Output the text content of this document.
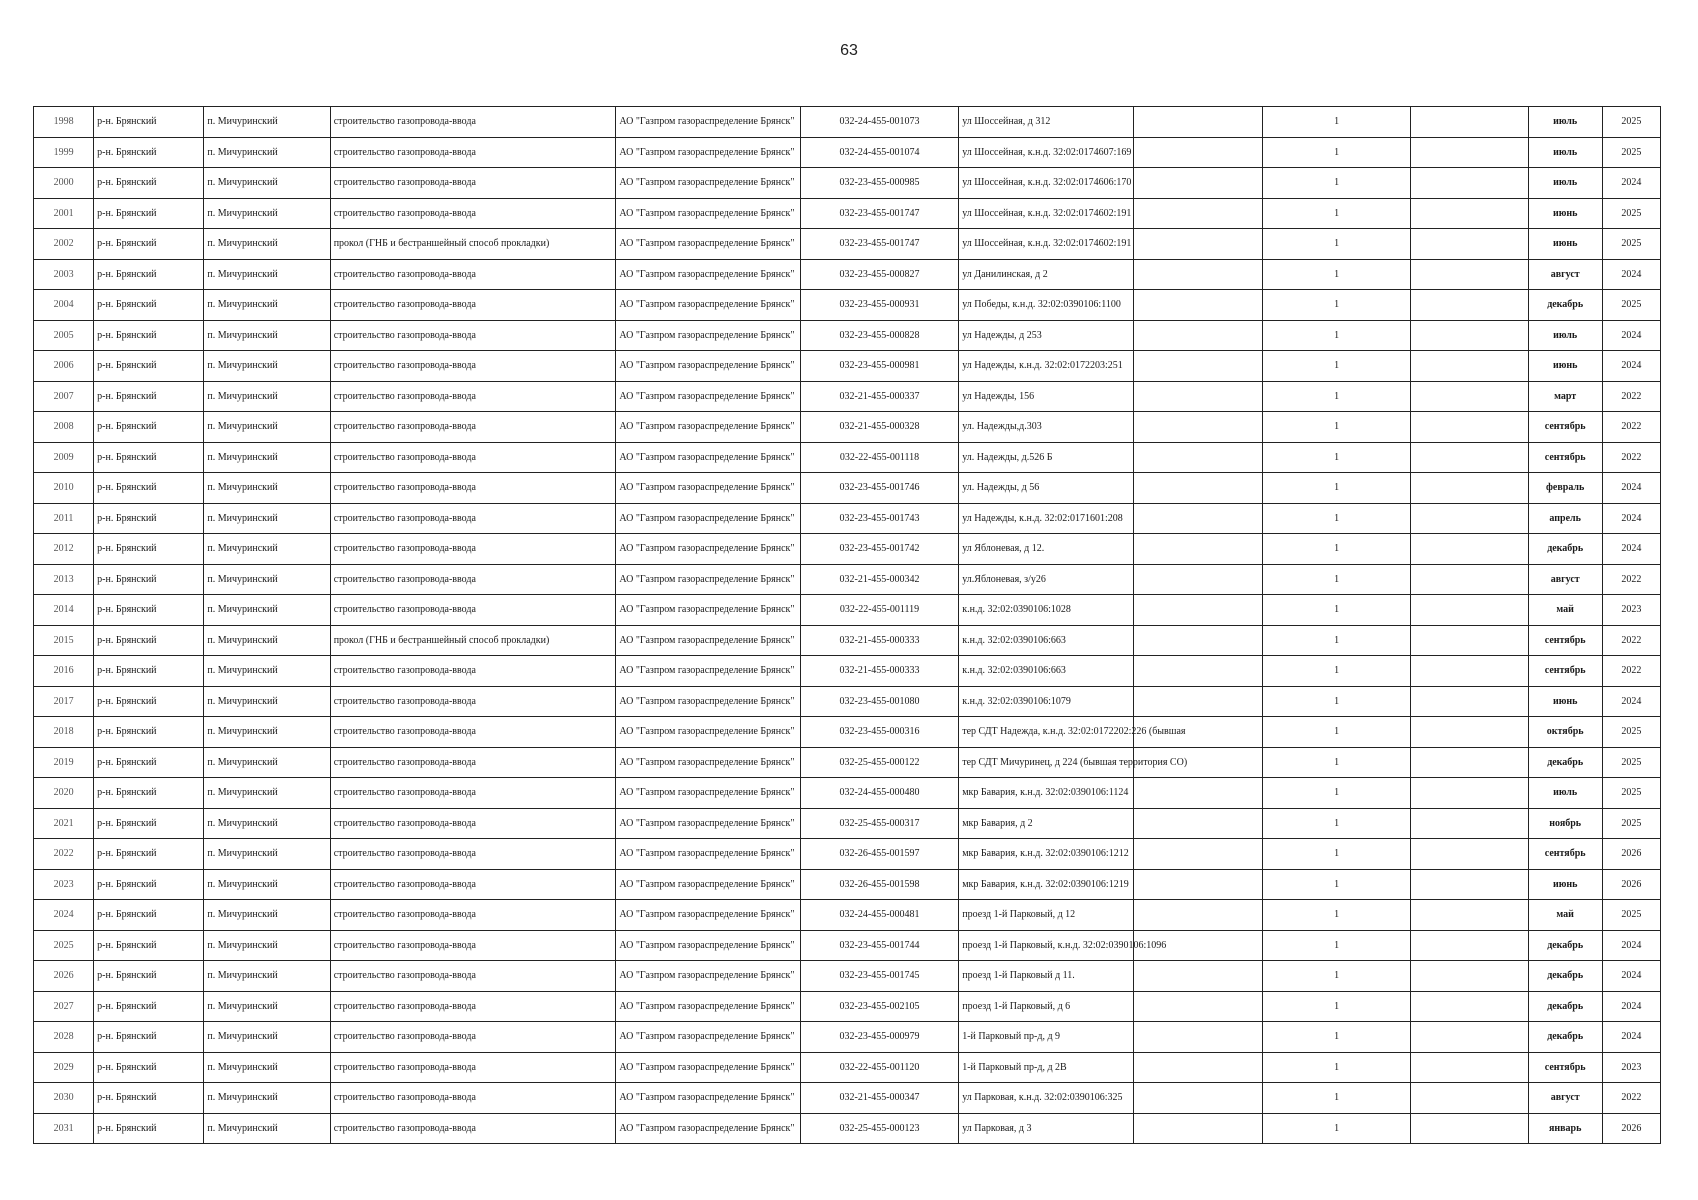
63
1998	р-н. Брянский	п. Мичуринский	строительство газопровода-ввода	АО "Газпром газораспределение Брянск"	032-24-455-001073	ул Шоссейная, д 312		1		июль	2025
1999	р-н. Брянский	п. Мичуринский	строительство газопровода-ввода	АО "Газпром газораспределение Брянск"	032-24-455-001074	ул Шоссейная, к.н.д. 32:02:0174607:169		1		июль	2025
2000	р-н. Брянский	п. Мичуринский	строительство газопровода-ввода	АО "Газпром газораспределение Брянск"	032-23-455-000985	ул Шоссейная, к.н.д. 32:02:0174606:170		1		июль	2024
2001	р-н. Брянский	п. Мичуринский	строительство газопровода-ввода	АО "Газпром газораспределение Брянск"	032-23-455-001747	ул Шоссейная, к.н.д. 32:02:0174602:191		1		июнь	2025
2002	р-н. Брянский	п. Мичуринский	прокол (ГНБ и бестраншейный способ прокладки)	АО "Газпром газораспределение Брянск"	032-23-455-001747	ул Шоссейная, к.н.д. 32:02:0174602:191		1		июнь	2025
2003	р-н. Брянский	п. Мичуринский	строительство газопровода-ввода	АО "Газпром газораспределение Брянск"	032-23-455-000827	ул Данилинская, д 2		1		август	2024
2004	р-н. Брянский	п. Мичуринский	строительство газопровода-ввода	АО "Газпром газораспределение Брянск"	032-23-455-000931	ул Победы, к.н.д. 32:02:0390106:1100		1		декабрь	2025
2005	р-н. Брянский	п. Мичуринский	строительство газопровода-ввода	АО "Газпром газораспределение Брянск"	032-23-455-000828	ул Надежды, д 253		1		июль	2024
2006	р-н. Брянский	п. Мичуринский	строительство газопровода-ввода	АО "Газпром газораспределение Брянск"	032-23-455-000981	ул Надежды, к.н.д. 32:02:0172203:251		1		июнь	2024
2007	р-н. Брянский	п. Мичуринский	строительство газопровода-ввода	АО "Газпром газораспределение Брянск"	032-21-455-000337	ул Надежды, 156		1		март	2022
2008	р-н. Брянский	п. Мичуринский	строительство газопровода-ввода	АО "Газпром газораспределение Брянск"	032-21-455-000328	ул. Надежды,д.303		1		сентябрь	2022
2009	р-н. Брянский	п. Мичуринский	строительство газопровода-ввода	АО "Газпром газораспределение Брянск"	032-22-455-001118	ул. Надежды, д.526 Б		1		сентябрь	2022
2010	р-н. Брянский	п. Мичуринский	строительство газопровода-ввода	АО "Газпром газораспределение Брянск"	032-23-455-001746	ул. Надежды, д 56		1		февраль	2024
2011	р-н. Брянский	п. Мичуринский	строительство газопровода-ввода	АО "Газпром газораспределение Брянск"	032-23-455-001743	ул Надежды, к.н.д. 32:02:0171601:208		1		апрель	2024
2012	р-н. Брянский	п. Мичуринский	строительство газопровода-ввода	АО "Газпром газораспределение Брянск"	032-23-455-001742	ул Яблоневая, д 12.		1		декабрь	2024
2013	р-н. Брянский	п. Мичуринский	строительство газопровода-ввода	АО "Газпром газораспределение Брянск"	032-21-455-000342	ул.Яблоневая, з/у26		1		август	2022
2014	р-н. Брянский	п. Мичуринский	строительство газопровода-ввода	АО "Газпром газораспределение Брянск"	032-22-455-001119	к.н.д. 32:02:0390106:1028		1		май	2023
2015	р-н. Брянский	п. Мичуринский	прокол (ГНБ и бестраншейный способ прокладки)	АО "Газпром газораспределение Брянск"	032-21-455-000333	к.н.д. 32:02:0390106:663		1		сентябрь	2022
2016	р-н. Брянский	п. Мичуринский	строительство газопровода-ввода	АО "Газпром газораспределение Брянск"	032-21-455-000333	к.н.д. 32:02:0390106:663		1		сентябрь	2022
2017	р-н. Брянский	п. Мичуринский	строительство газопровода-ввода	АО "Газпром газораспределение Брянск"	032-23-455-001080	к.н.д. 32:02:0390106:1079		1		июнь	2024
2018	р-н. Брянский	п. Мичуринский	строительство газопровода-ввода	АО "Газпром газораспределение Брянск"	032-23-455-000316	тер СДТ Надежда, к.н.д. 32:02:0172202:226 (бывшая		1		октябрь	2025
2019	р-н. Брянский	п. Мичуринский	строительство газопровода-ввода	АО "Газпром газораспределение Брянск"	032-25-455-000122	тер СДТ Мичуринец, д 224 (бывшая территория СО)		1		декабрь	2025
2020	р-н. Брянский	п. Мичуринский	строительство газопровода-ввода	АО "Газпром газораспределение Брянск"	032-24-455-000480	мкр Бавария, к.н.д. 32:02:0390106:1124		1		июль	2025
2021	р-н. Брянский	п. Мичуринский	строительство газопровода-ввода	АО "Газпром газораспределение Брянск"	032-25-455-000317	мкр Бавария, д 2		1		ноябрь	2025
2022	р-н. Брянский	п. Мичуринский	строительство газопровода-ввода	АО "Газпром газораспределение Брянск"	032-26-455-001597	мкр Бавария, к.н.д. 32:02:0390106:1212		1		сентябрь	2026
2023	р-н. Брянский	п. Мичуринский	строительство газопровода-ввода	АО "Газпром газораспределение Брянск"	032-26-455-001598	мкр Бавария, к.н.д. 32:02:0390106:1219		1		июнь	2026
2024	р-н. Брянский	п. Мичуринский	строительство газопровода-ввода	АО "Газпром газораспределение Брянск"	032-24-455-000481	проезд 1-й Парковый, д 12		1		май	2025
2025	р-н. Брянский	п. Мичуринский	строительство газопровода-ввода	АО "Газпром газораспределение Брянск"	032-23-455-001744	проезд 1-й Парковый, к.н.д. 32:02:0390106:1096		1		декабрь	2024
2026	р-н. Брянский	п. Мичуринский	строительство газопровода-ввода	АО "Газпром газораспределение Брянск"	032-23-455-001745	проезд 1-й Парковый д 11.		1		декабрь	2024
2027	р-н. Брянский	п. Мичуринский	строительство газопровода-ввода	АО "Газпром газораспределение Брянск"	032-23-455-002105	проезд 1-й Парковый, д 6		1		декабрь	2024
2028	р-н. Брянский	п. Мичуринский	строительство газопровода-ввода	АО "Газпром газораспределение Брянск"	032-23-455-000979	1-й Парковый пр-д, д 9		1		декабрь	2024
2029	р-н. Брянский	п. Мичуринский	строительство газопровода-ввода	АО "Газпром газораспределение Брянск"	032-22-455-001120	1-й Парковый пр-д, д 2В		1		сентябрь	2023
2030	р-н. Брянский	п. Мичуринский	строительство газопровода-ввода	АО "Газпром газораспределение Брянск"	032-21-455-000347	ул Парковая, к.н.д. 32:02:0390106:325		1		август	2022
2031	р-н. Брянский	п. Мичуринский	строительство газопровода-ввода	АО "Газпром газораспределение Брянск"	032-25-455-000123	ул Парковая, д 3		1		январь	2026
